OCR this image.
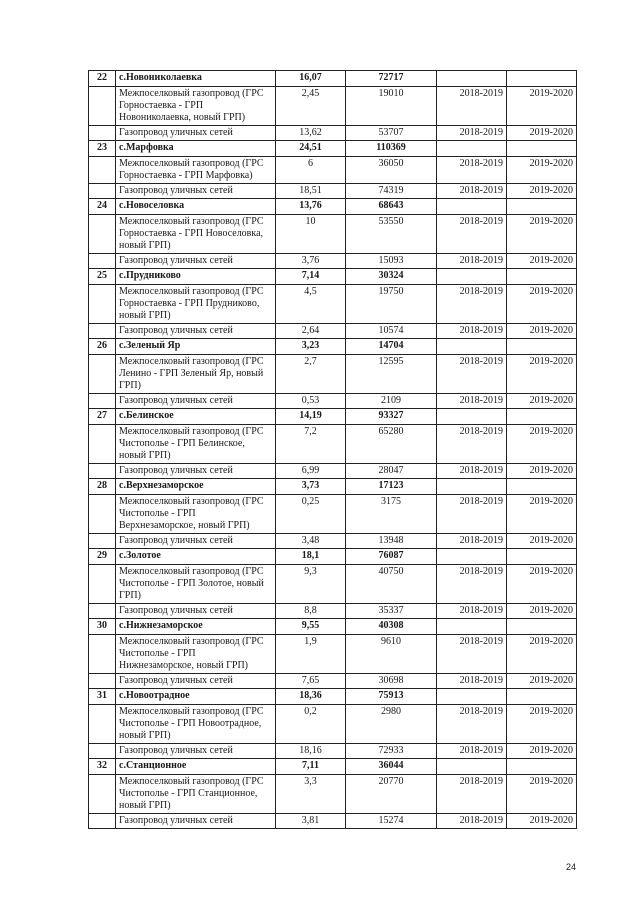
22	с.Новониколаевка	16,07	72717		
	Межпоселковый газопровод (ГРС Горностаевка - ГРП Новониколаевка, новый ГРП)	2,45	19010	2018-2019	2019-2020
	Газопровод уличных сетей	13,62	53707	2018-2019	2019-2020
23	с.Марфовка	24,51	110369		
	Межпоселковый газопровод (ГРС Горностаевка - ГРП Марфовка)	6	36050	2018-2019	2019-2020
	Газопровод уличных сетей	18,51	74319	2018-2019	2019-2020
24	с.Новоселовка	13,76	68643		
	Межпоселковый газопровод (ГРС Горностаевка - ГРП Новоселовка, новый ГРП)	10	53550	2018-2019	2019-2020
	Газопровод уличных сетей	3,76	15093	2018-2019	2019-2020
25	с.Прудниково	7,14	30324		
	Межпоселковый газопровод (ГРС Горностаевка - ГРП Прудниково, новый ГРП)	4,5	19750	2018-2019	2019-2020
	Газопровод уличных сетей	2,64	10574	2018-2019	2019-2020
26	с.Зеленый Яр	3,23	14704		
	Межпоселковый газопровод (ГРС Ленино - ГРП Зеленый Яр, новый ГРП)	2,7	12595	2018-2019	2019-2020
	Газопровод уличных сетей	0,53	2109	2018-2019	2019-2020
27	с.Белинское	14,19	93327		
	Межпоселковый газопровод (ГРС Чистополье - ГРП Белинское, новый ГРП)	7,2	65280	2018-2019	2019-2020
	Газопровод уличных сетей	6,99	28047	2018-2019	2019-2020
28	с.Верхнезаморское	3,73	17123		
	Межпоселковый газопровод (ГРС Чистополье - ГРП Верхнезаморское, новый ГРП)	0,25	3175	2018-2019	2019-2020
	Газопровод уличных сетей	3,48	13948	2018-2019	2019-2020
29	с.Золотое	18,1	76087		
	Межпоселковый газопровод (ГРС Чистополье - ГРП Золотое, новый ГРП)	9,3	40750	2018-2019	2019-2020
	Газопровод уличных сетей	8,8	35337	2018-2019	2019-2020
30	с.Нижнезаморское	9,55	40308		
	Межпоселковый газопровод (ГРС Чистополье - ГРП Нижнезаморское, новый ГРП)	1,9	9610	2018-2019	2019-2020
	Газопровод уличных сетей	7,65	30698	2018-2019	2019-2020
31	с.Новоотрадное	18,36	75913		
	Межпоселковый газопровод (ГРС Чистополье - ГРП Новоотрадное, новый ГРП)	0,2	2980	2018-2019	2019-2020
	Газопровод уличных сетей	18,16	72933	2018-2019	2019-2020
32	с.Станционное	7,11	36044		
	Межпоселковый газопровод (ГРС Чистополье - ГРП Станционное, новый ГРП)	3,3	20770	2018-2019	2019-2020
	Газопровод уличных сетей	3,81	15274	2018-2019	2019-2020
24
